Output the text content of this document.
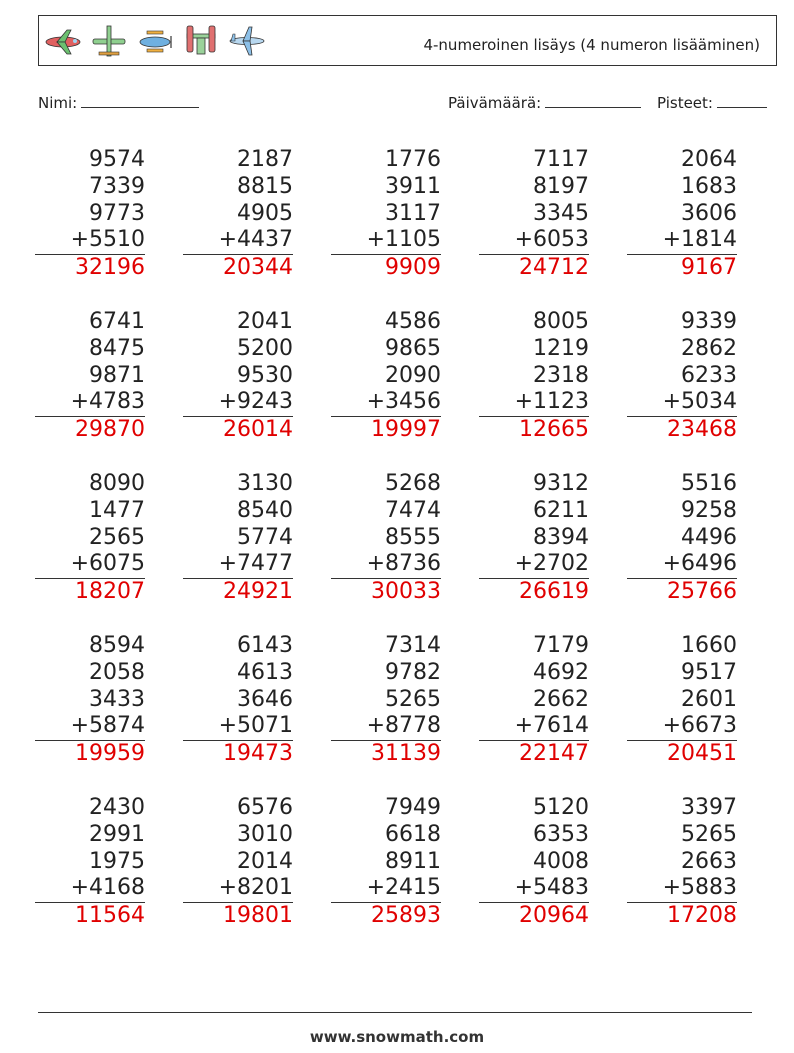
4-numeroinen lisäys (4 numeron lisääminen)
Nimi:	Päivämäärä:	Pisteet:
9574
7339
9773
+5510
32196
2187
8815
4905
+4437
20344
1776
3911
3117
+1105
9909
7117
8197
3345
+6053
24712
2064
1683
3606
+1814
9167
6741
8475
9871
+4783
29870
2041
5200
9530
+9243
26014
4586
9865
2090
+3456
19997
8005
1219
2318
+1123
12665
9339
2862
6233
+5034
23468
8090
1477
2565
+6075
18207
3130
8540
5774
+7477
24921
5268
7474
8555
+8736
30033
9312
6211
8394
+2702
26619
5516
9258
4496
+6496
25766
8594
2058
3433
+5874
19959
6143
4613
3646
+5071
19473
7314
9782
5265
+8778
31139
7179
4692
2662
+7614
22147
1660
9517
2601
+6673
20451
2430
2991
1975
+4168
11564
6576
3010
2014
+8201
19801
7949
6618
8911
+2415
25893
5120
6353
4008
+5483
20964
3397
5265
2663
+5883
17208
www.snowmath.com
